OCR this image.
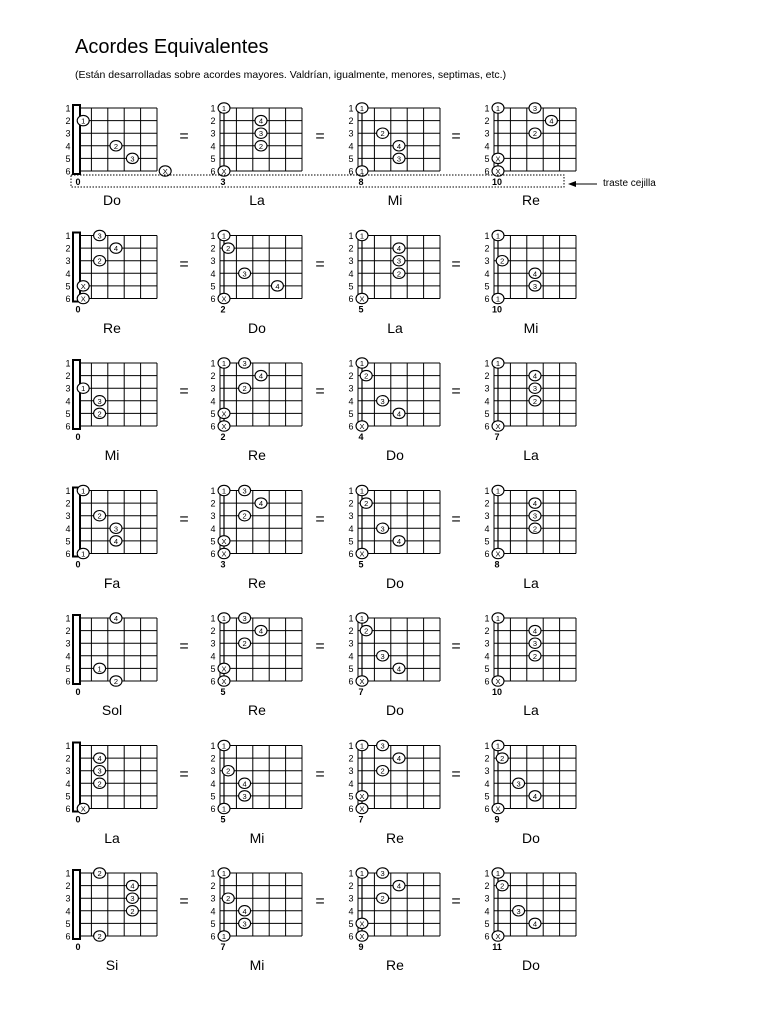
Acordes Equivalentes
(Están desarrolladas sobre acordes mayores. Valdrían, igualmente, menores, septimas, etc.)
1
2
3
4
5
6
0
1
2
3
X
1
2
3
4
5
6
3
1
4
3
2
X
1
2
3
4
5
6
8
1
2
4
3
1
1
2
3
4
5
6
10
1	3
4
2
X
X
1
2
3
4
5
6
0
3
4
2
X
X
1
2
3
4
5
6
2
1
2
3
4
X
1
2
3
4
5
6
5
1
4
3
2
X
1
2
3
4
5
6
10
1
2
4
3
1
1
2
3
4
5
6
0
1
3
2
1
2
3
4
5
6
2
1 3
4
2
X
X
1
2
3
4
5
6
4
1
2
3
4
X
1
2
3
4
5
6
7
1
4
3
2
X
1
2
3
4
5
6
0
1
2
3
4
1
1
2
3
4
5
6
3
1 3
4
2
X
X
1
2
3
4
5
6
5
1
2
3
4
X
1
2
3
4
5
6
8
1
4
3
2
X
1
2
3
4
5
6
0
4
1
2
1
2
3
4
5
6
5
1 3
4
2
X
X
1
2
3
4
5
6
7
1
2
3
4
X
1
2
3
4
5
6
10
1
4
3
2
X
1
2
3
4
5
6
0
4
3
2
X
1
2
3
4
5
6
5
1
2
4
3
1
1
2
3
4
5
6
7
1 3
4
2
X
X
1
2
3
4
5
6
9
1
2
3
4
X
1
2
3
4
5
6
0
2
4
3
2
2
1
2
3
4
5
6
7
1
2
4
3
1
1
2
3
4
5
6
9
1 3
4
2
X
X
1
2
3
4
5
6
11
1
2
3
4
X
traste cejilla
Do	La	Mi	Re
=	=	=
Re	Do	La	Mi
=	=	=
Mi	Re	Do	La
=	=	=
Fa	Re	Do	La
=	=	=
Sol	Re	Do	La
=	=	=
La	Mi	Re	Do
=	=	=
Si	Mi	Re	Do
=	=	=
